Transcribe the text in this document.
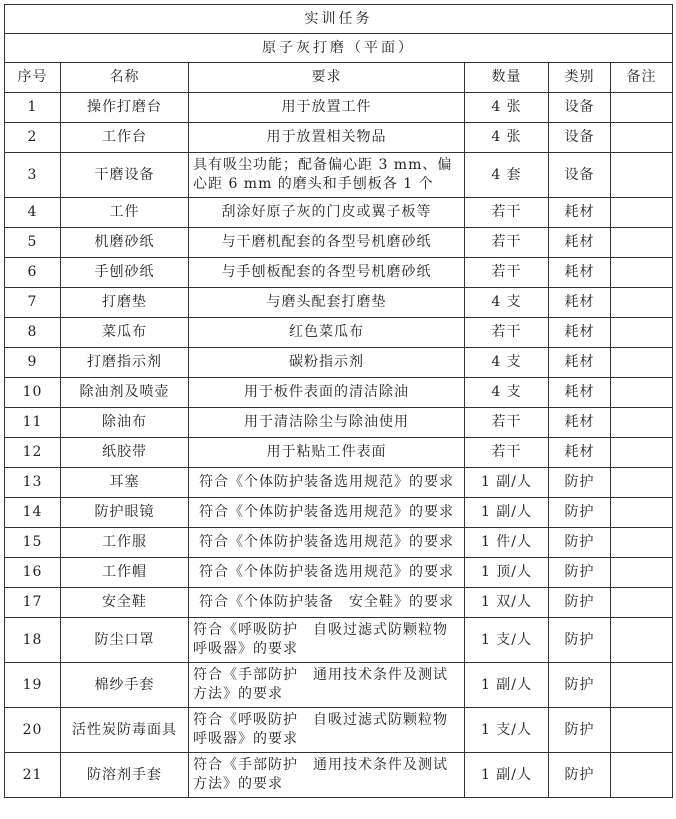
实训任务					
原子灰打磨（平面）					
序号	名称	要求	数量	类别	备注
1	操作打磨台	用于放置工件	4 张	设备	
2	工作台	用于放置相关物品	4 张	设备	
3	干磨设备	具有吸尘功能；配备偏心距 3 mm、偏心距 6 mm 的磨头和手刨板各 1 个	4 套	设备	
4	工件	刮涂好原子灰的门皮或翼子板等	若干	耗材	
5	机磨砂纸	与干磨机配套的各型号机磨砂纸	若干	耗材	
6	手刨砂纸	与手刨板配套的各型号机磨砂纸	若干	耗材	
7	打磨垫	与磨头配套打磨垫	4 支	耗材	
8	菜瓜布	红色菜瓜布	若干	耗材	
9	打磨指示剂	碳粉指示剂	4 支	耗材	
10	除油剂及喷壶	用于板件表面的清洁除油	4 支	耗材	
11	除油布	用于清洁除尘与除油使用	若干	耗材	
12	纸胶带	用于粘贴工件表面	若干	耗材	
13	耳塞	符合《个体防护装备选用规范》的要求	1 副/人	防护	
14	防护眼镜	符合《个体防护装备选用规范》的要求	1 副/人	防护	
15	工作服	符合《个体防护装备选用规范》的要求	1 件/人	防护	
16	工作帽	符合《个体防护装备选用规范》的要求	1 顶/人	防护	
17	安全鞋	符合《个体防护装备　安全鞋》的要求	1 双/人	防护	
18	防尘口罩	符合《呼吸防护　自吸过滤式防颗粒物呼吸器》的要求	1 支/人	防护	
19	棉纱手套	符合《手部防护　通用技术条件及测试方法》的要求	1 副/人	防护	
20	活性炭防毒面具	符合《呼吸防护　自吸过滤式防颗粒物呼吸器》的要求	1 支/人	防护	
21	防溶剂手套	符合《手部防护　通用技术条件及测试方法》的要求	1 副/人	防护	
